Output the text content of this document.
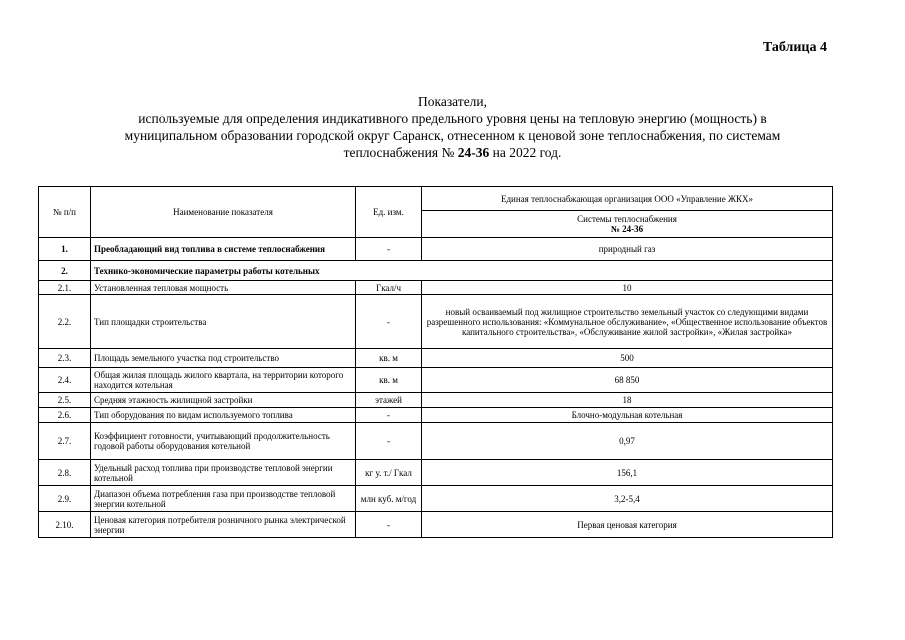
Таблица 4
Показатели,
используемые для определения индикативного предельного уровня цены на тепловую энергию (мощность) в
муниципальном образовании городской округ Саранск, отнесенном к ценовой зоне теплоснабжения, по системам
теплоснабжения № 24-36 на 2022 год.
№ п/п	Наименование показателя	Ед. изм.	Единая теплоснабжающая организация ООО «Управление ЖКХ»

			Системы теплоснабжения
№ 24-36

1.	Преобладающий вид топлива в системе теплоснабжения	-	природный газ
2.	Технико-экономические параметры работы котельных		
2.1.	Установленная тепловая мощность	Гкал/ч	10
2.2.	Тип площадки строительства	-	новый осваиваемый под жилищное строительство земельный участок со следующими видами разрешенного использования: «Коммунальное обслуживание», «Общественное использование объектов капитального строительства», «Обслуживание жилой застройки», «Жилая застройка»
2.3.	Площадь земельного участка под строительство	кв. м	500
2.4.	Общая жилая площадь жилого квартала, на территории которого находится котельная	кв. м	68 850
2.5.	Средняя этажность жилищной застройки	этажей	18
2.6.	Тип оборудования по видам используемого топлива	-	Блочно-модульная котельная
2.7.	Коэффициент готовности, учитывающий продолжительность годовой работы оборудования котельной	-	0,97
2.8.	Удельный расход топлива при производстве тепловой энергии котельной	кг у. т./ Гкал	156,1
2.9.	Диапазон объема потребления газа при производстве тепловой энергии котельной	млн куб. м/год	3,2-5,4
2.10.	Ценовая категория потребителя розничного рынка электрической энергии	-	Первая ценовая категория
